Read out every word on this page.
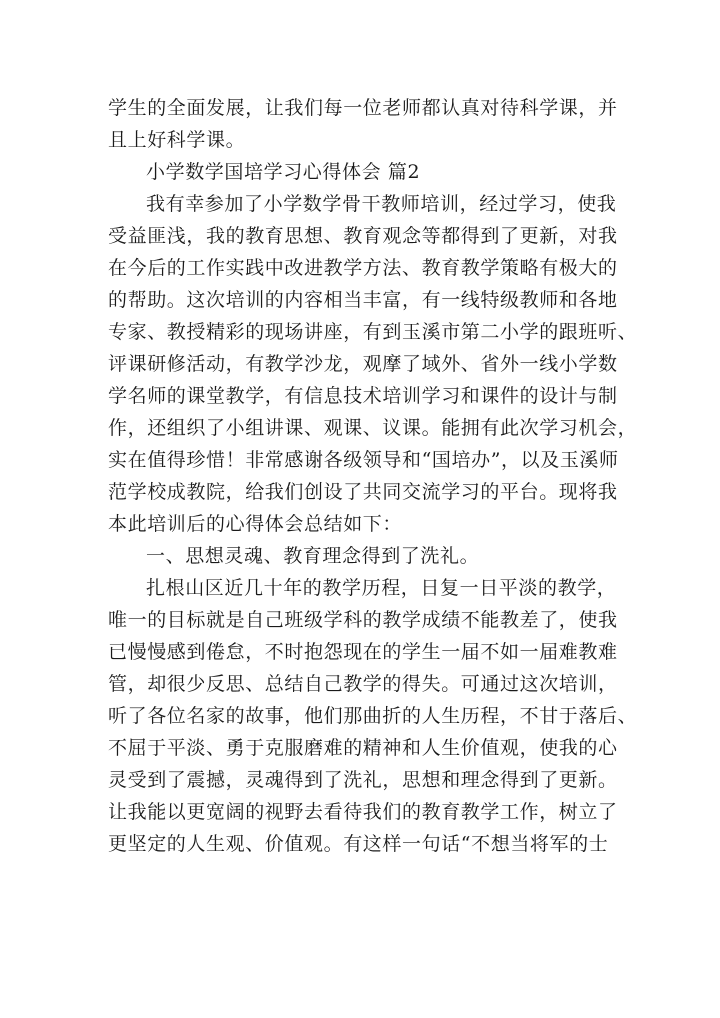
学生的全面发展，让我们每一位老师都认真对待科学课，并
且上好科学课。
小学数学国培学习心得体会 篇2
我有幸参加了小学数学骨干教师培训，经过学习，使我
受益匪浅，我的教育思想、教育观念等都得到了更新，对我
在今后的工作实践中改进教学方法、教育教学策略有极大的
的帮助。这次培训的内容相当丰富，有一线特级教师和各地
专家、教授精彩的现场讲座，有到玉溪市第二小学的跟班听、
评课研修活动，有教学沙龙，观摩了域外、省外一线小学数
学名师的课堂教学，有信息技术培训学习和课件的设计与制
作，还组织了小组讲课、观课、议课。能拥有此次学习机会，
实在值得珍惜！非常感谢各级领导和“国培办”，以及玉溪师
范学校成教院，给我们创设了共同交流学习的平台。现将我
本此培训后的心得体会总结如下：
一、思想灵魂、教育理念得到了洗礼。
扎根山区近几十年的教学历程，日复一日平淡的教学，
唯一的目标就是自己班级学科的教学成绩不能教差了，使我
已慢慢感到倦怠，不时抱怨现在的学生一届不如一届难教难
管，却很少反思、总结自己教学的得失。可通过这次培训，
听了各位名家的故事，他们那曲折的人生历程，不甘于落后、
不屈于平淡、勇于克服磨难的精神和人生价值观，使我的心
灵受到了震撼，灵魂得到了洗礼，思想和理念得到了更新。
让我能以更宽阔的视野去看待我们的教育教学工作，树立了
更坚定的人生观、价值观。有这样一句话“不想当将军的士
